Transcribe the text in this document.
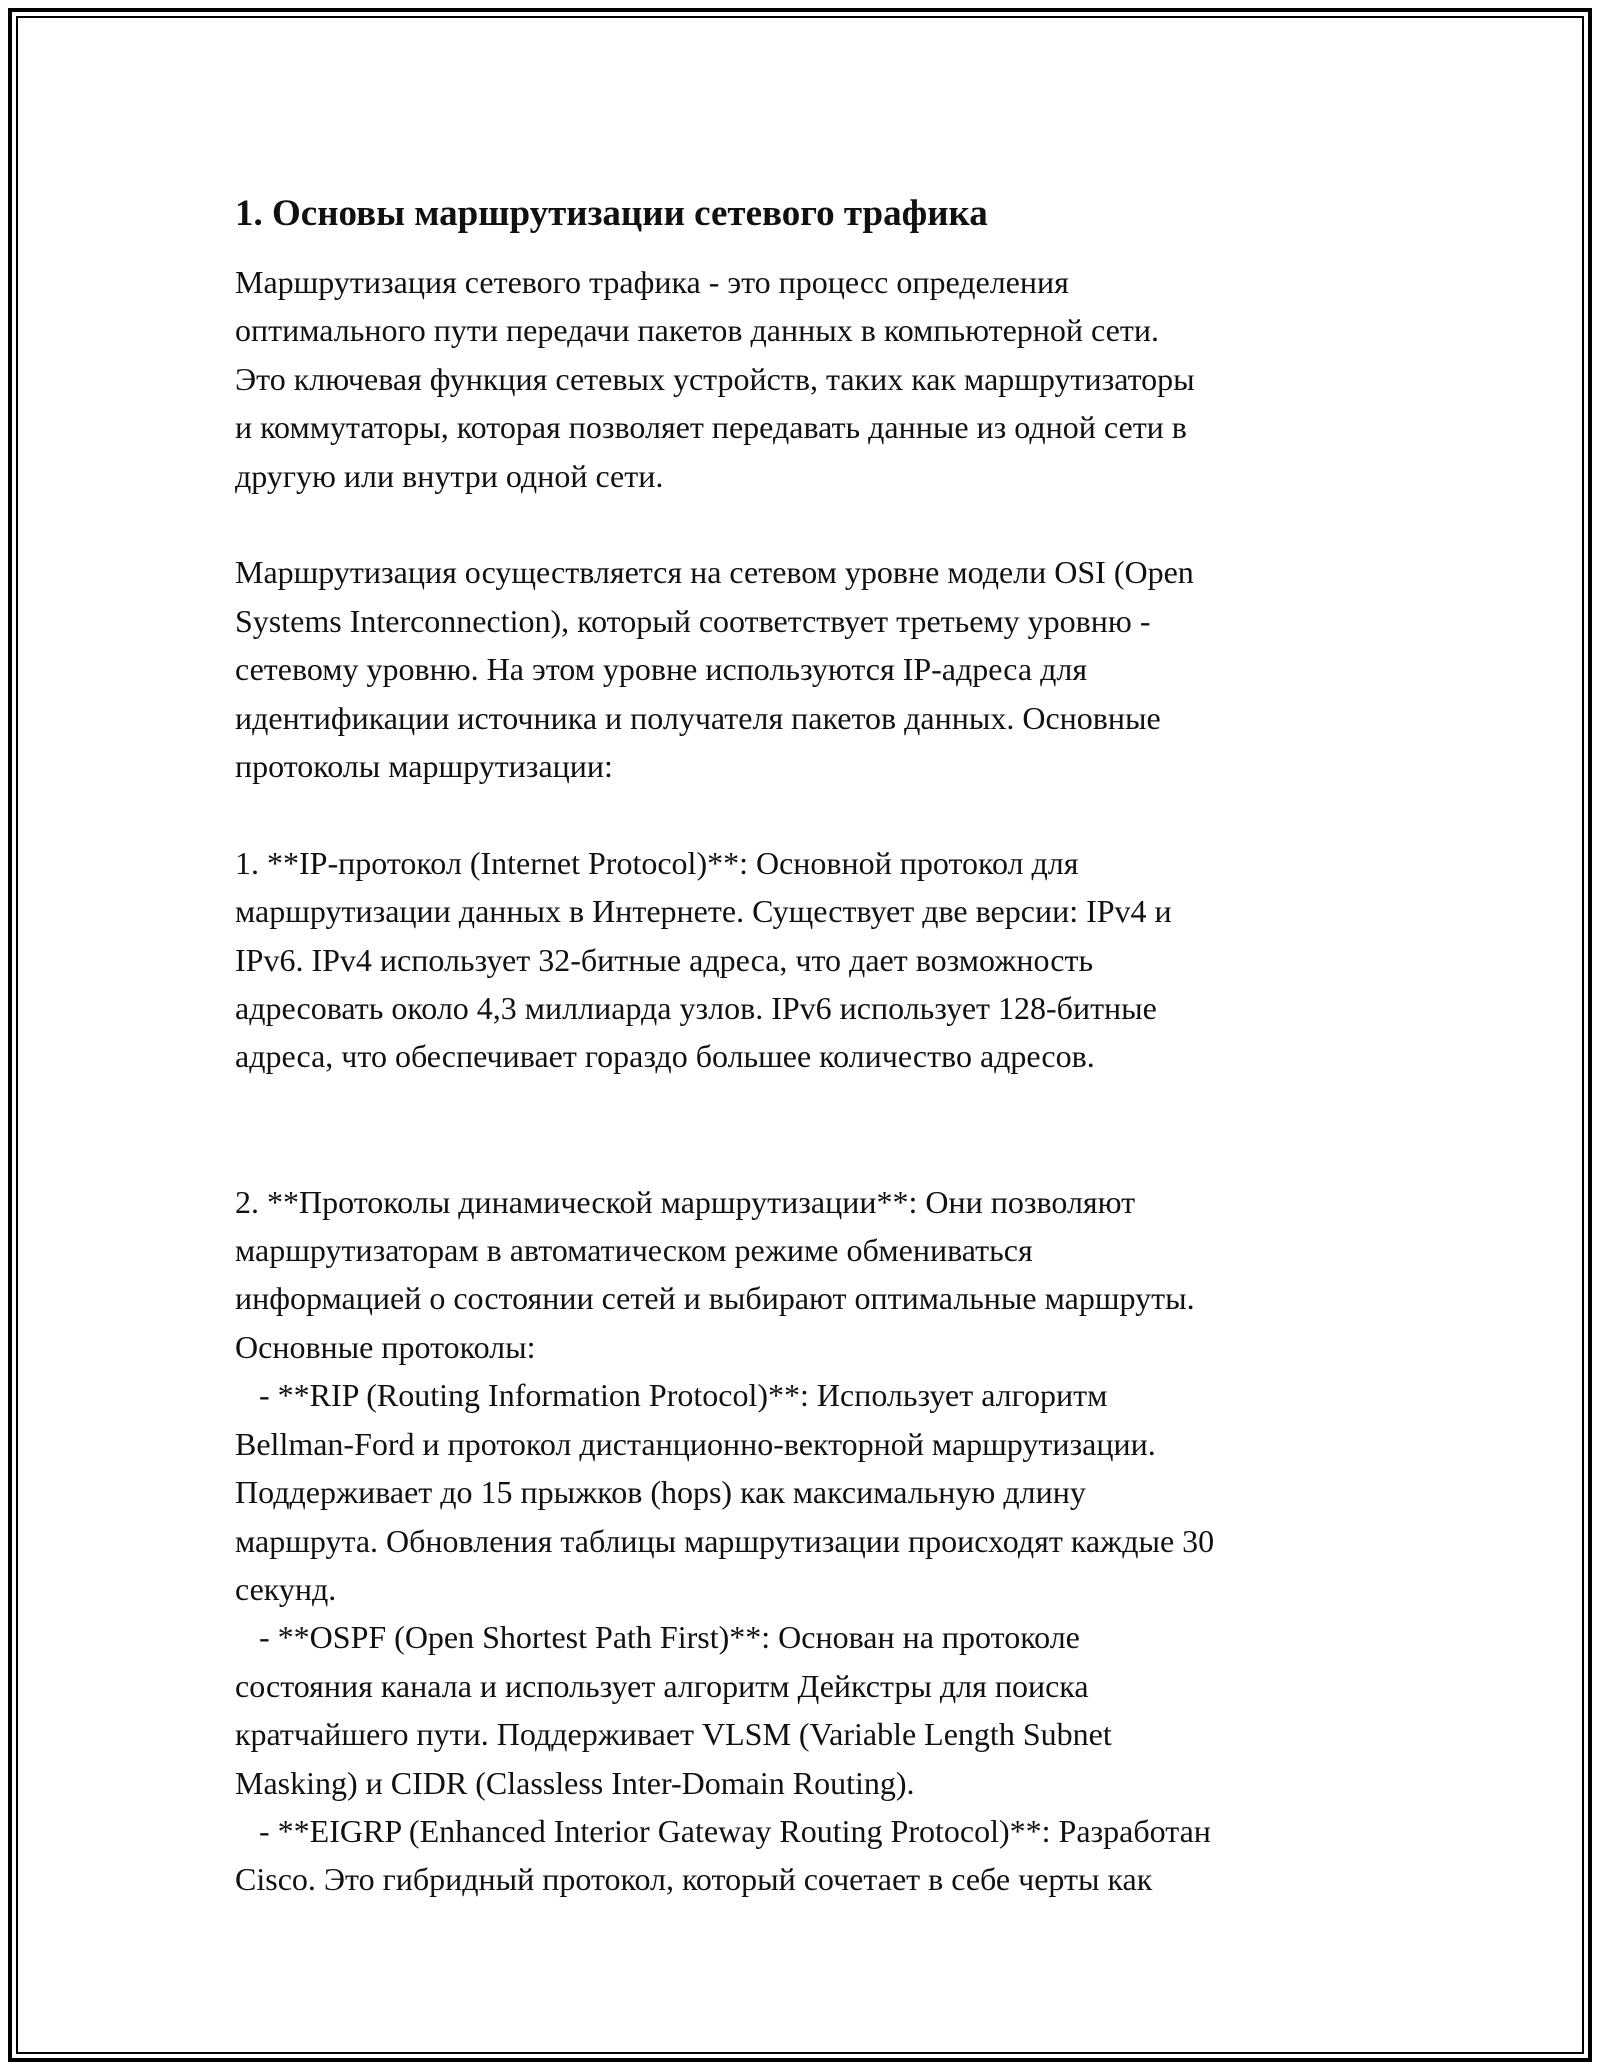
1. Основы маршрутизации сетевого трафика

Маршрутизация сетевого трафика - это процесс определения
оптимального пути передачи пакетов данных в компьютерной сети.
Это ключевая функция сетевых устройств, таких как маршрутизаторы
и коммутаторы, которая позволяет передавать данные из одной сети в
другую или внутри одной сети.

Маршрутизация осуществляется на сетевом уровне модели OSI (Open
Systems Interconnection), который соответствует третьему уровню -
сетевому уровню. На этом уровне используются IP-адреса для
идентификации источника и получателя пакетов данных. Основные
протоколы маршрутизации:

1. **IP-протокол (Internet Protocol)**: Основной протокол для
маршрутизации данных в Интернете. Существует две версии: IPv4 и
IPv6. IPv4 использует 32-битные адреса, что дает возможность
адресовать около 4,3 миллиарда узлов. IPv6 использует 128-битные
адреса, что обеспечивает гораздо большее количество адресов.

2. **Протоколы динамической маршрутизации**: Они позволяют
маршрутизаторам в автоматическом режиме обмениваться
информацией о состоянии сетей и выбирают оптимальные маршруты.
Основные протоколы:
- **RIP (Routing Information Protocol)**: Использует алгоритм
Bellman-Ford и протокол дистанционно-векторной маршрутизации.
Поддерживает до 15 прыжков (hops) как максимальную длину
маршрута. Обновления таблицы маршрутизации происходят каждые 30
секунд.
- **OSPF (Open Shortest Path First)**: Основан на протоколе
состояния канала и использует алгоритм Дейкстры для поиска
кратчайшего пути. Поддерживает VLSM (Variable Length Subnet
Masking) и CIDR (Classless Inter-Domain Routing).
- **EIGRP (Enhanced Interior Gateway Routing Protocol)**: Разработан
Cisco. Это гибридный протокол, который сочетает в себе черты как
